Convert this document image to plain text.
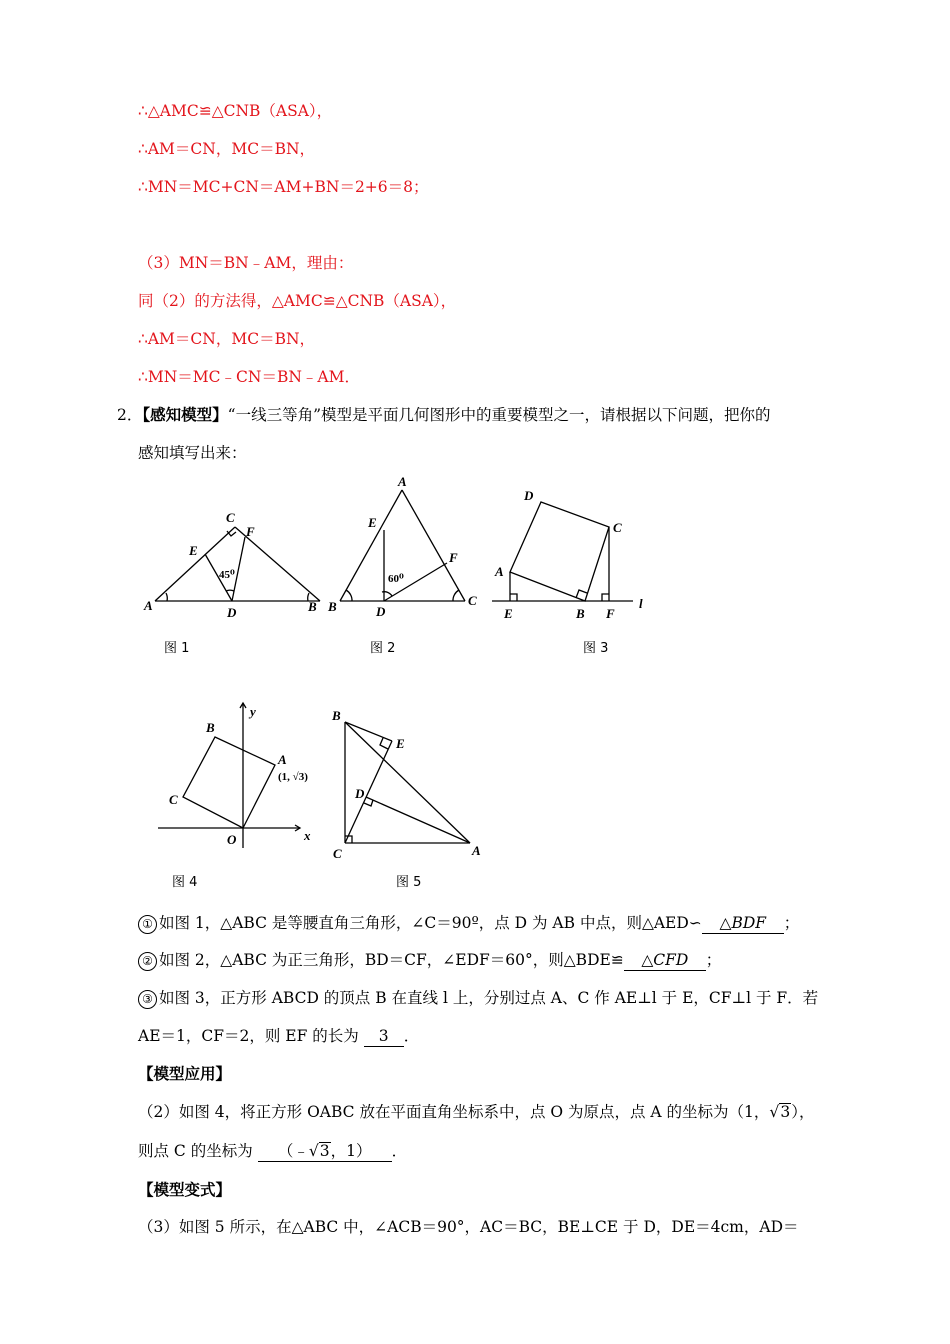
∴△AMC≌△CNB（ASA），
∴AM＝CN，MC＝BN，
∴MN＝MC+CN＝AM+BN＝2+6＝8；
（3）MN＝BN﹣AM，理由：
同（2）的方法得，△AMC≌△CNB（ASA），
∴AM＝CN，MC＝BN，
∴MN＝MC﹣CN＝BN﹣AM．
2．【感知模型】“一线三等角”模型是平面几何图形中的重要模型之一，请根据以下问题，把你的
感知填写出来：
A	B
C
D
E
F
45⁰
图 1
A
B	C
D
E
F
60⁰
图 2
D
C
A
E	B F
l
图 3
y
x
O
B
C
A
(1, √3)
图 4
B
E
D
C	A
图 5
① 如图 1，△ABC 是等腰直角三角形，∠C＝90º，点 D 为 AB 中点，则△AED∽ △BDF ；
② 如图 2，△ABC 为正三角形，BD＝CF，∠EDF＝60°，则△BDE≌ △CFD ；
③ 如图 3，正方形 ABCD 的顶点 B 在直线 l 上，分别过点 A、C 作 AE⊥l 于 E，CF⊥l 于 F．若
AE＝1，CF＝2，则 EF 的长为 3 ．
【模型应用】
（2）如图 4，将正方形 OABC 放在平面直角坐标系中，点 O 为原点，点 A 的坐标为（1，√3），
则点 C 的坐标为 （﹣√3，1） ．
【模型变式】
（3）如图 5 所示，在△ABC 中，∠ACB＝90°，AC＝BC，BE⊥CE 于 D，DE＝4cm，AD＝
